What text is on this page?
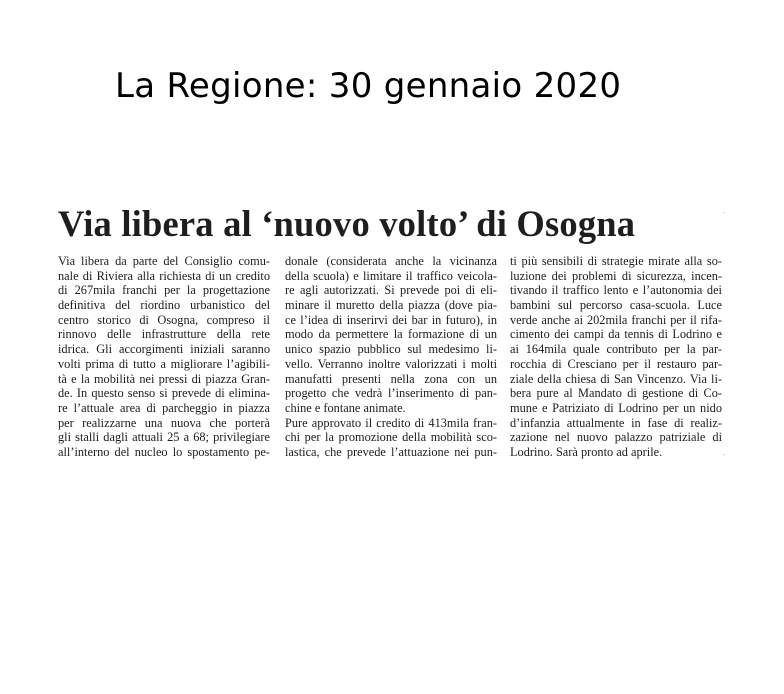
La Regione: 30 gennaio 2020
Via libera al ‘nuovo volto’ di Osogna
Via libera da parte del Consiglio comu-
nale di Riviera alla richiesta di un credito
di 267mila franchi per la progettazione
definitiva del riordino urbanistico del
centro storico di Osogna, compreso il
rinnovo delle infrastrutture della rete
idrica. Gli accorgimenti iniziali saranno
volti prima di tutto a migliorare l’agibili-
tà e la mobilità nei pressi di piazza Gran-
de. In questo senso si prevede di elimina-
re l’attuale area di parcheggio in piazza
per realizzarne una nuova che porterà
gli stalli dagli attuali 25 a 68; privilegiare
all’interno del nucleo lo spostamento pe-
donale (considerata anche la vicinanza
della scuola) e limitare il traffico veicola-
re agli autorizzati. Si prevede poi di eli-
minare il muretto della piazza (dove pia-
ce l’idea di inserirvi dei bar in futuro), in
modo da permettere la formazione di un
unico spazio pubblico sul medesimo li-
vello. Verranno inoltre valorizzati i molti
manufatti presenti nella zona con un
progetto che vedrà l’inserimento di pan-
chine e fontane animate.
Pure approvato il credito di 413mila fran-
chi per la promozione della mobilità sco-
lastica, che prevede l’attuazione nei pun-
ti più sensibili di strategie mirate alla so-
luzione dei problemi di sicurezza, incen-
tivando il traffico lento e l’autonomia dei
bambini sul percorso casa-scuola. Luce
verde anche ai 202mila franchi per il rifa-
cimento dei campi da tennis di Lodrino e
ai 164mila quale contributo per la par-
rocchia di Cresciano per il restauro par-
ziale della chiesa di San Vincenzo. Via li-
bera pure al Mandato di gestione di Co-
mune e Patriziato di Lodrino per un nido
d’infanzia attualmente in fase di realiz-
zazione nel nuovo palazzo patriziale di
Lodrino. Sarà pronto ad aprile.
